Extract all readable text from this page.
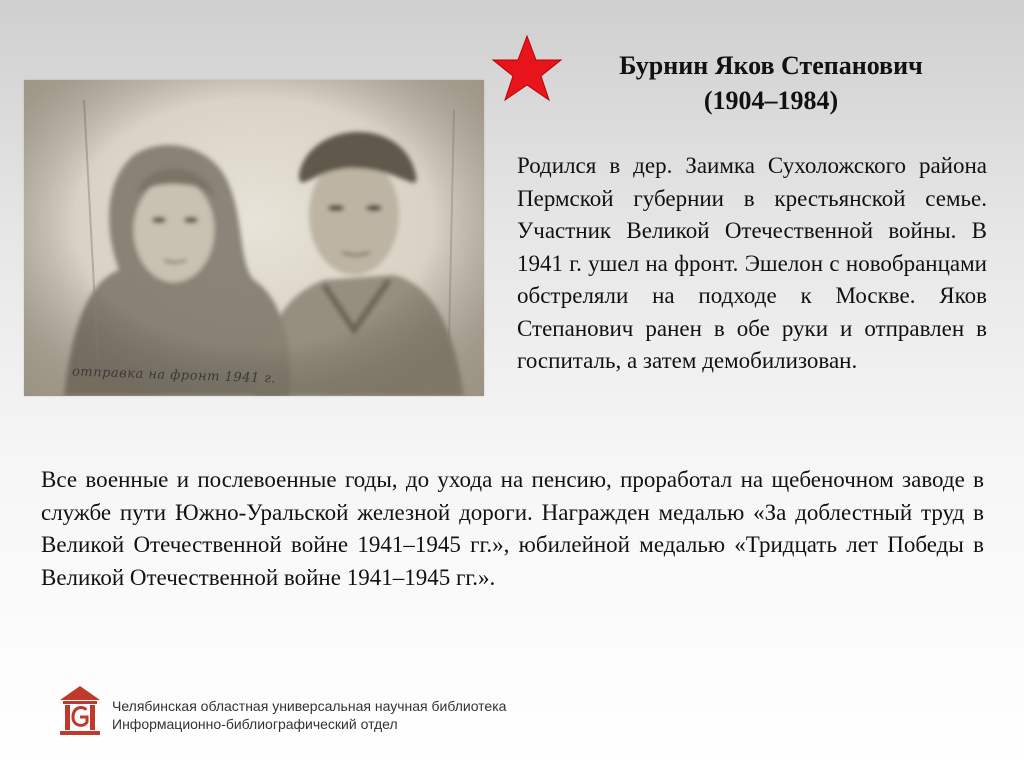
отправка на фронт 1941 г.
Бурнин Яков Степанович
(1904–1984)

Родился в дер. Заимка Сухоложского района Пермской губернии в крестьянской семье. Участник Великой Отечественной войны. В 1941 г. ушел на фронт. Эшелон с новобранцами обстреляли на подходе к Москве. Яков Степанович ранен в обе руки и отправлен в госпиталь, а затем демобилизован.

Все военные и послевоенные годы, до ухода на пенсию, проработал на щебеночном заводе в службе пути Южно-Уральской железной дороги. Награжден медалью «За доблестный труд в Великой Отечественной войне 1941–1945 гг.», юбилейной медалью «Тридцать лет Победы в Великой Отечественной войне 1941–1945 гг.».

Челябинская областная универсальная научная библиотека
Информационно-библиографический отдел
